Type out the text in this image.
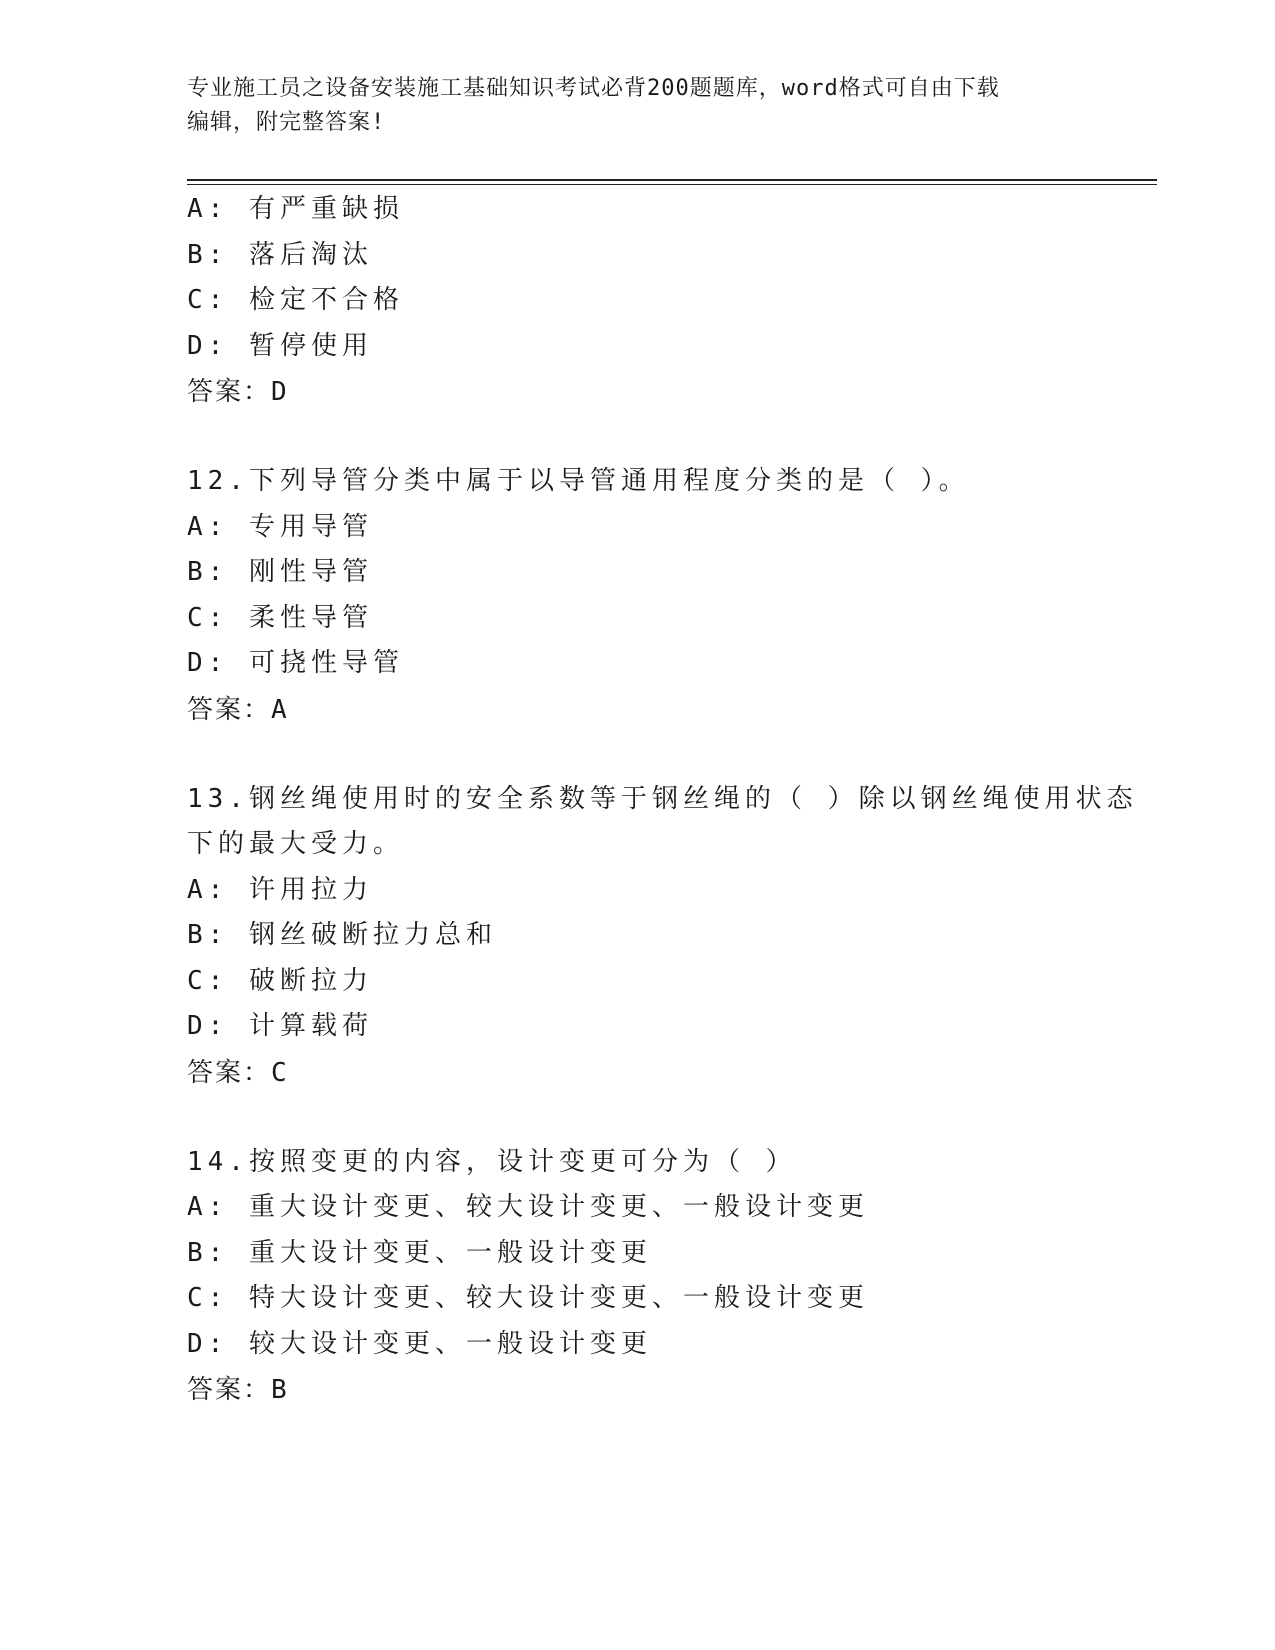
专业施工员之设备安装施工基础知识考试必背200题题库，word格式可自由下载
编辑，附完整答案!
A: 有严重缺损
B: 落后淘汰
C: 检定不合格
D: 暂停使用
答案：D
12.下列导管分类中属于以导管通用程度分类的是（ ）。
A: 专用导管
B: 刚性导管
C: 柔性导管
D: 可挠性导管
答案：A
13.钢丝绳使用时的安全系数等于钢丝绳的（ ）除以钢丝绳使用状态
下的最大受力。
A: 许用拉力
B: 钢丝破断拉力总和
C: 破断拉力
D: 计算载荷
答案：C
14.按照变更的内容，设计变更可分为（ ）
A: 重大设计变更、较大设计变更、一般设计变更
B: 重大设计变更、一般设计变更
C: 特大设计变更、较大设计变更、一般设计变更
D: 较大设计变更、一般设计变更
答案：B
